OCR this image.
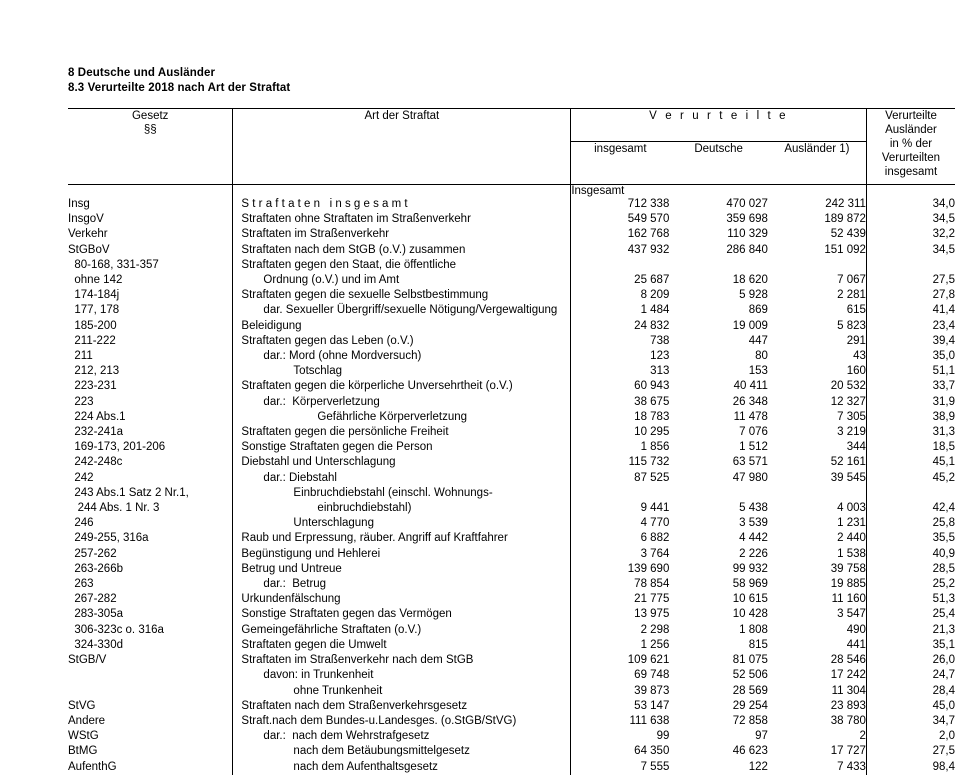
8 Deutsche und Ausländer
8.3 Verurteilte 2018 nach Art der Straftat
Gesetz
§§
	Art der Straftat	V e r u r t e i l t e	Verurteilte
Ausländer
in % der
Verurteilten
insgesamt

		insgesamt	Deutsche	Ausländer 1)	
		Insgesamt			
Insg	S t r a f t a t e n   i n s g e s a m t	712 338	470 027	242 311	34,0
InsgoV	Straftaten ohne Straftaten im Straßenverkehr	549 570	359 698	189 872	34,5
Verkehr	Straftaten im Straßenverkehr	162 768	110 329	52 439	32,2
StGBoV	Straftaten nach dem StGB (o.V.) zusammen	437 932	286 840	151 092	34,5
80-168, 331-357	Straftaten gegen den Staat, die öffentliche				
ohne 142	Ordnung (o.V.) und im Amt	25 687	18 620	7 067	27,5
174-184j	Straftaten gegen die sexuelle Selbstbestimmung	8 209	5 928	2 281	27,8
177, 178	dar. Sexueller Übergriff/sexuelle Nötigung/Vergewaltigung	1 484	869	615	41,4
185-200	Beleidigung	24 832	19 009	5 823	23,4
211-222	Straftaten gegen das Leben (o.V.)	738	447	291	39,4
211	dar.: Mord (ohne Mordversuch)	123	80	43	35,0
212, 213	Totschlag	313	153	160	51,1
223-231	Straftaten gegen die körperliche Unversehrtheit (o.V.)	60 943	40 411	20 532	33,7
223	dar.:  Körperverletzung	38 675	26 348	12 327	31,9
224 Abs.1	Gefährliche Körperverletzung	18 783	11 478	7 305	38,9
232-241a	Straftaten gegen die persönliche Freiheit	10 295	7 076	3 219	31,3
169-173, 201-206	Sonstige Straftaten gegen die Person	1 856	1 512	344	18,5
242-248c	Diebstahl und Unterschlagung	115 732	63 571	52 161	45,1
242	dar.: Diebstahl	87 525	47 980	39 545	45,2
243 Abs.1 Satz 2 Nr.1,	Einbruchdiebstahl (einschl. Wohnungs-				
244 Abs. 1 Nr. 3	einbruchdiebstahl)	9 441	5 438	4 003	42,4
246	Unterschlagung	4 770	3 539	1 231	25,8
249-255, 316a	Raub und Erpressung, räuber. Angriff auf Kraftfahrer	6 882	4 442	2 440	35,5
257-262	Begünstigung und Hehlerei	3 764	2 226	1 538	40,9
263-266b	Betrug und Untreue	139 690	99 932	39 758	28,5
263	dar.:  Betrug	78 854	58 969	19 885	25,2
267-282	Urkundenfälschung	21 775	10 615	11 160	51,3
283-305a	Sonstige Straftaten gegen das Vermögen	13 975	10 428	3 547	25,4
306-323c o. 316a	Gemeingefährliche Straftaten (o.V.)	2 298	1 808	490	21,3
324-330d	Straftaten gegen die Umwelt	1 256	815	441	35,1
StGB/V	Straftaten im Straßenverkehr nach dem StGB	109 621	81 075	28 546	26,0
	davon: in Trunkenheit	69 748	52 506	17 242	24,7
	ohne Trunkenheit	39 873	28 569	11 304	28,4
StVG	Straftaten nach dem Straßenverkehrsgesetz	53 147	29 254	23 893	45,0
Andere	Straft.nach dem Bundes-u.Landesges. (o.StGB/StVG)	111 638	72 858	38 780	34,7
WStG	dar.:  nach dem Wehrstrafgesetz	99	97	2	2,0
BtMG	nach dem Betäubungsmittelgesetz	64 350	46 623	17 727	27,5
AufenthG	nach dem Aufenthaltsgesetz	7 555	122	7 433	98,4
